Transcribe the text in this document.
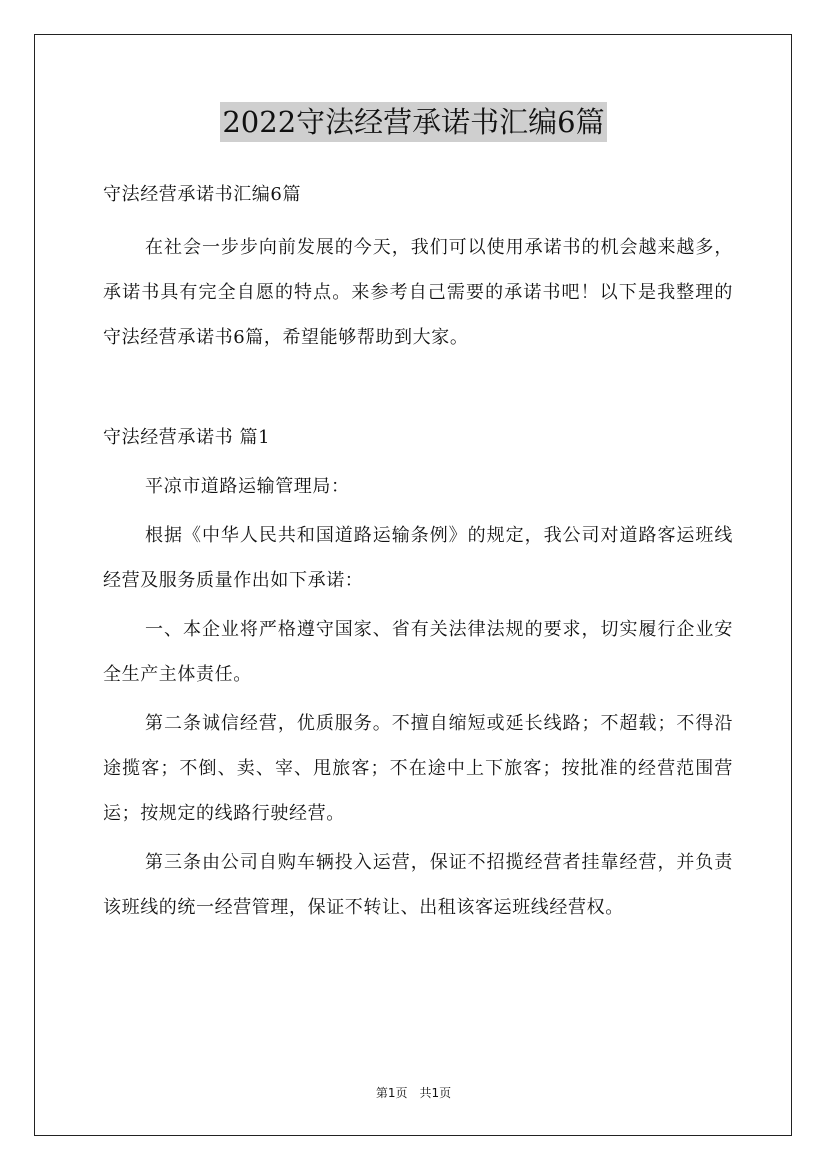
2022守法经营承诺书汇编6篇

守法经营承诺书汇编6篇

在社会一步步向前发展的今天，我们可以使用承诺书的机会越来越多，承诺书具有完全自愿的特点。来参考自己需要的承诺书吧！以下是我整理的守法经营承诺书6篇，希望能够帮助到大家。

守法经营承诺书 篇1

平凉市道路运输管理局：

根据《中华人民共和国道路运输条例》的规定，我公司对道路客运班线经营及服务质量作出如下承诺：

一、本企业将严格遵守国家、省有关法律法规的要求，切实履行企业安全生产主体责任。

第二条诚信经营，优质服务。不擅自缩短或延长线路；不超载；不得沿途揽客；不倒、卖、宰、甩旅客；不在途中上下旅客；按批准的经营范围营运；按规定的线路行驶经营。

第三条由公司自购车辆投入运营，保证不招揽经营者挂靠经营，并负责该班线的统一经营管理，保证不转让、出租该客运班线经营权。

第1页 共1页
